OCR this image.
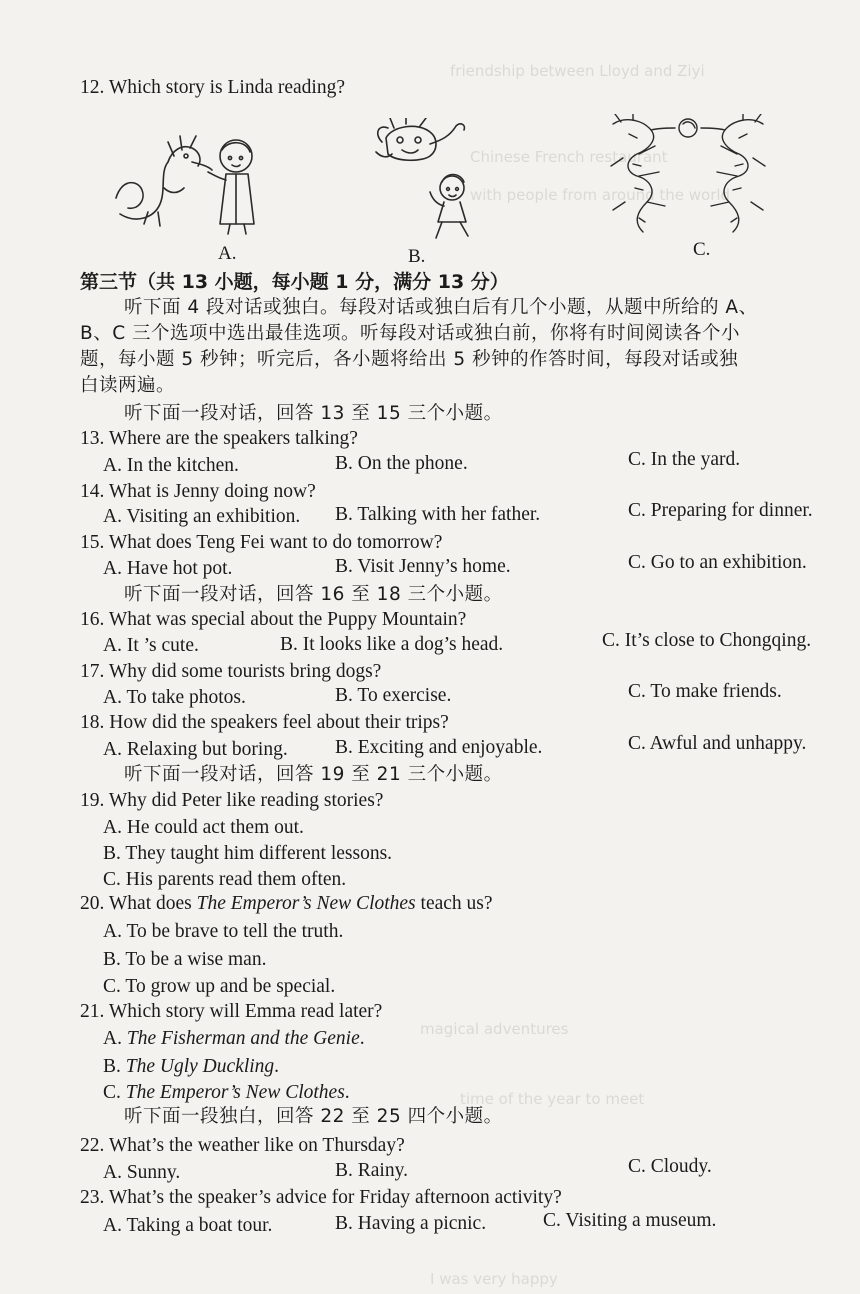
friendship between Lloyd and Ziyi
Chinese French restaurant
with people from around the world
magical adventures
time of the year to meet
I was very happy
12. Which story is Linda reading?
A.	B.	C.
第三节（共 13 小题，每小题 1 分，满分 13 分）
听下面 4 段对话或独白。每段对话或独白后有几个小题，从题中所给的 A、
B、C 三个选项中选出最佳选项。听每段对话或独白前，你将有时间阅读各个小
题，每小题 5 秒钟；听完后，各小题将给出 5 秒钟的作答时间，每段对话或独
白读两遍。
听下面一段对话，回答 13 至 15 三个小题。
13. Where are the speakers talking?
A. In the kitchen.	B. On the phone.	C. In the yard.
14. What is Jenny doing now?
A. Visiting an exhibition. B. Talking with her father.	C. Preparing for dinner.
15. What does Teng Fei want to do tomorrow?
A. Have hot pot.	B. Visit Jenny’s home.	C. Go to an exhibition.
听下面一段对话，回答 16 至 18 三个小题。
16. What was special about the Puppy Mountain?
A. It ’s cute.	B. It looks like a dog’s head.	C. It’s close to Chongqing.
17. Why did some tourists bring dogs?
A. To take photos.	B. To exercise.	C. To make friends.
18. How did the speakers feel about their trips?
A. Relaxing but boring. B. Exciting and enjoyable.	C. Awful and unhappy.
听下面一段对话，回答 19 至 21 三个小题。
19. Why did Peter like reading stories?
A. He could act them out.
B. They taught him different lessons.
C. His parents read them often.
20. What does The Emperor’s New Clothes teach us?
A. To be brave to tell the truth.
B. To be a wise man.
C. To grow up and be special.
21. Which story will Emma read later?
A. The Fisherman and the Genie.
B. The Ugly Duckling.
C. The Emperor’s New Clothes.
听下面一段独白，回答 22 至 25 四个小题。
22. What’s the weather like on Thursday?
A. Sunny.	B. Rainy.	C. Cloudy.
23. What’s the speaker’s advice for Friday afternoon activity?
A. Taking a boat tour.	B. Having a picnic.	C. Visiting a museum.
